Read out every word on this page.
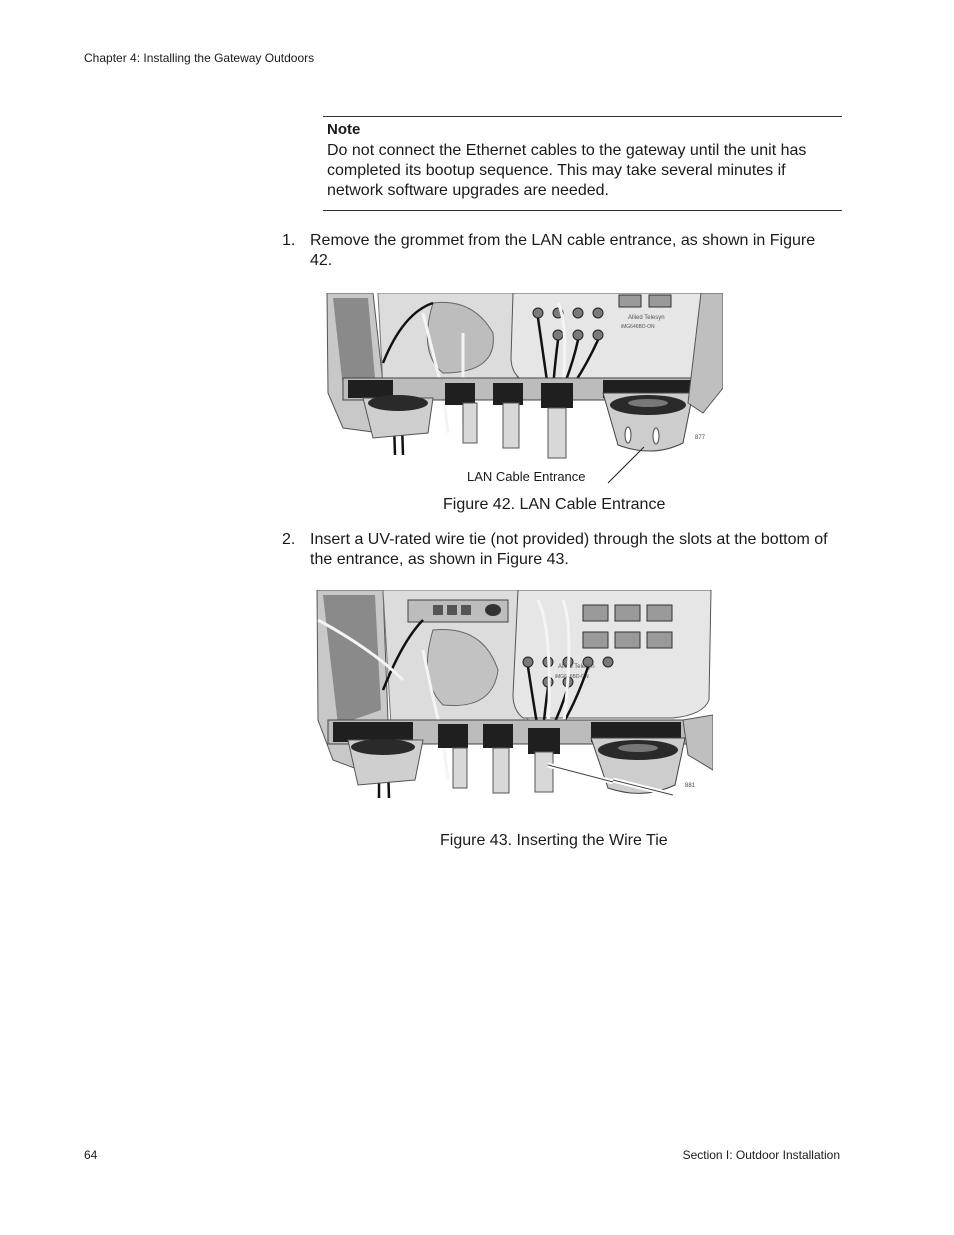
Chapter 4: Installing the Gateway Outdoors
Note
Do not connect the Ethernet cables to the gateway until the unit has completed its bootup sequence. This may take several minutes if network software upgrades are needed.
1. Remove the grommet from the LAN cable entrance, as shown in Figure 42.
Allied Telesyn
iMG646BD-ON
877
LAN Cable Entrance
Figure 42. LAN Cable Entrance
2. Insert a UV-rated wire tie (not provided) through the slots at the bottom of the entrance, as shown in Figure 43.
Allied Telesyn
iMG646BD-ON
881
Figure 43. Inserting the Wire Tie
64	Section I: Outdoor Installation
